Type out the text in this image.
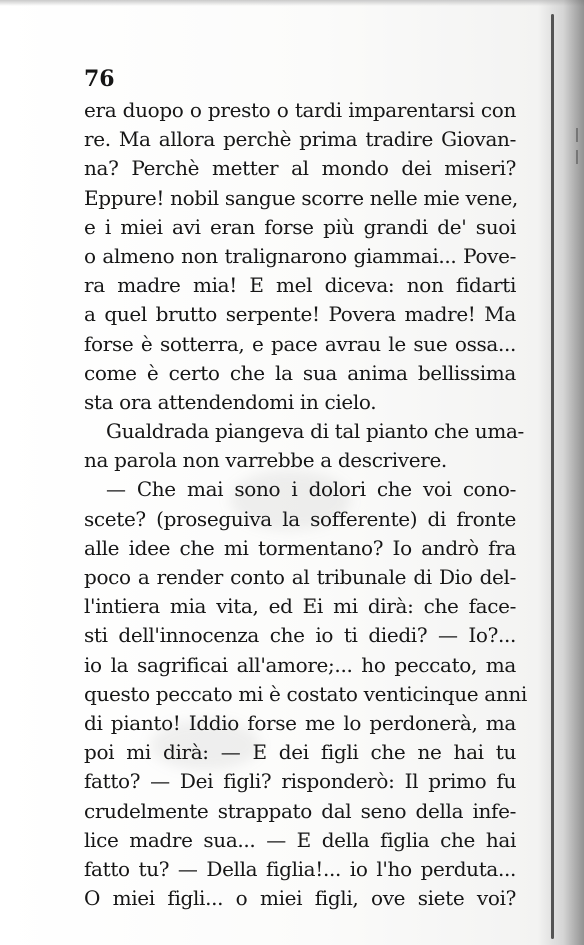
76
era duopo o presto o tardi imparentarsi con
re. Ma allora perchè prima tradire Giovan-
na? Perchè metter al mondo dei miseri?
Eppure! nobil sangue scorre nelle mie vene,
e i miei avi eran forse più grandi de' suoi
o almeno non tralignarono giammai... Pove-
ra madre mia! E mel diceva: non fidarti
a quel brutto serpente! Povera madre! Ma
forse è sotterra, e pace avrau le sue ossa...
come è certo che la sua anima bellissima
sta ora attendendomi in cielo.
Gualdrada piangeva di tal pianto che uma-
na parola non varrebbe a descrivere.
— Che mai sono i dolori che voi cono-
scete? (proseguiva la sofferente) di fronte
alle idee che mi tormentano? Io andrò fra
poco a render conto al tribunale di Dio del-
l'intiera mia vita, ed Ei mi dirà: che face-
sti dell'innocenza che io ti diedi? — Io?...
io la sagrificai all'amore;... ho peccato, ma
questo peccato mi è costato venticinque anni
di pianto! Iddio forse me lo perdonerà, ma
poi mi dirà: — E dei figli che ne hai tu
fatto? — Dei figli? risponderò: Il primo fu
crudelmente strappato dal seno della infe-
lice madre sua... — E della figlia che hai
fatto tu? — Della figlia!... io l'ho perduta...
O miei figli... o miei figli, ove siete voi?
